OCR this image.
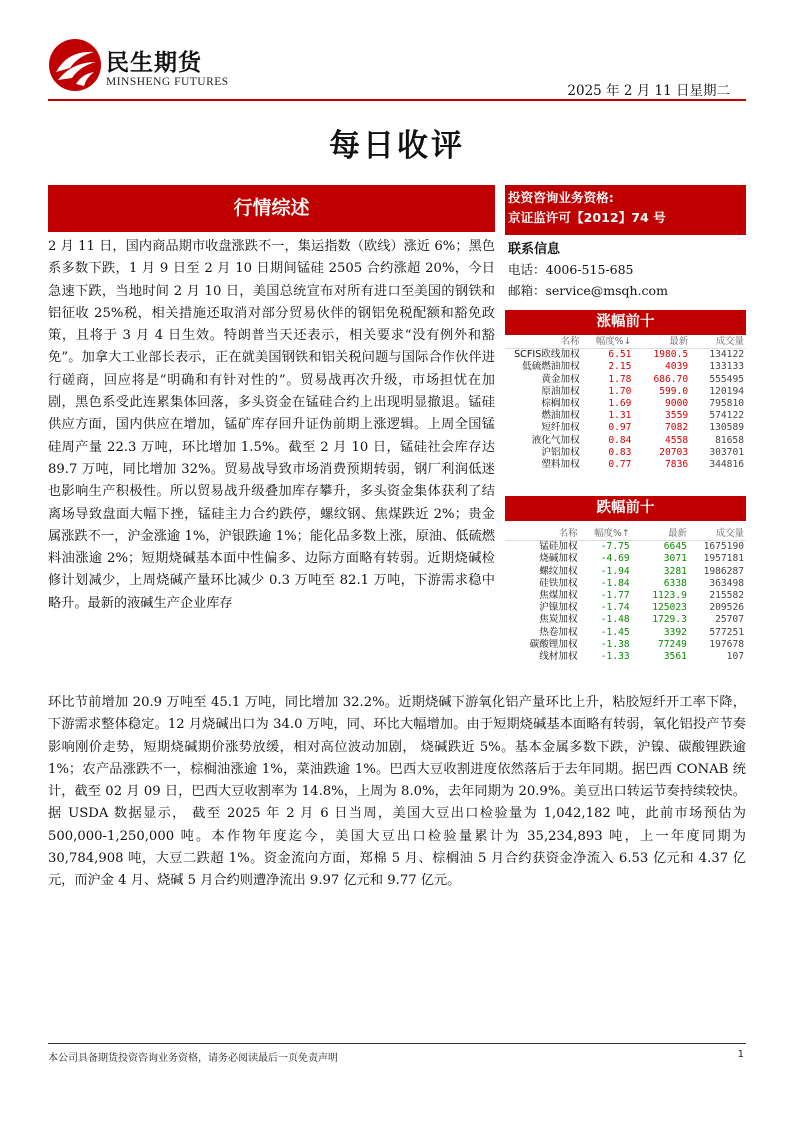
民生期货
MINSHENG FUTURES
2025 年 2 月 11 日星期二
每日收评
行情综述
2 月 11 日，国内商品期市收盘涨跌不一，集运指数（欧线）涨近 6%；黑色系多数下跌，1 月 9 日至 2 月 10 日期间锰硅 2505 合约涨超 20%，今日急速下跌，当地时间 2 月 10 日，美国总统宣布对所有进口至美国的钢铁和铝征收 25%税，相关措施还取消对部分贸易伙伴的钢铝免税配额和豁免政策，且将于 3 月 4 日生效。特朗普当天还表示，相关要求“没有例外和豁免”。加拿大工业部长表示，正在就美国钢铁和铝关税问题与国际合作伙伴进行磋商，回应将是“明确和有针对性的”。贸易战再次升级，市场担忧在加剧，黑色系受此连累集体回落，多头资金在锰硅合约上出现明显撤退。锰硅供应方面，国内供应在增加，锰矿库存回升证伪前期上涨逻辑。上周全国锰硅周产量 22.3 万吨，环比增加 1.5%。截至 2 月 10 日，锰硅社会库存达 89.7 万吨，同比增加 32%。贸易战导致市场消费预期转弱，钢厂利润低迷也影响生产积极性。所以贸易战升级叠加库存攀升，多头资金集体获利了结离场导致盘面大幅下挫，锰硅主力合约跌停，螺纹钢、焦煤跌近 2%；贵金属涨跌不一，沪金涨逾 1%，沪银跌逾 1%；能化品多数上涨，原油、低硫燃料油涨逾 2%；短期烧碱基本面中性偏多、边际方面略有转弱。近期烧碱检修计划减少，上周烧碱产量环比减少 0.3 万吨至 82.1 万吨，下游需求稳中略升。最新的液碱生产企业库存
环比节前增加 20.9 万吨至 45.1 万吨，同比增加 32.2%。近期烧碱下游氧化铝产量环比上升，粘胶短纤开工率下降，下游需求整体稳定。12 月烧碱出口为 34.0 万吨，同、环比大幅增加。由于短期烧碱基本面略有转弱，氧化铝投产节奏影响刚价走势，短期烧碱期价涨势放缓，相对高位波动加剧， 烧碱跌近 5%。基本金属多数下跌，沪镍、碳酸锂跌逾 1%；农产品涨跌不一，棕榈油涨逾 1%，菜油跌逾 1%。巴西大豆收割进度依然落后于去年同期。据巴西 CONAB 统计，截至 02 月 09 日，巴西大豆收割率为 14.8%，上周为 8.0%，去年同期为 20.9%。美豆出口转运节奏持续较快。据 USDA 数据显示， 截至 2025 年 2 月 6 日当周，美国大豆出口检验量为 1,042,182 吨，此前市场预估为 500,000-1,250,000 吨。本作物年度迄今，美国大豆出口检验量累计为 35,234,893 吨，上一年度同期为 30,784,908 吨，大豆二跌超 1%。资金流向方面，郑棉 5 月、棕榈油 5 月合约获资金净流入 6.53 亿元和 4.37 亿元，而沪金 4 月、烧碱 5 月合约则遭净流出 9.97 亿元和 9.77 亿元。
投资咨询业务资格:
京证监许可【2012】74 号
联系信息
电话：4006-515-685
邮箱：service@msqh.com
涨幅前十
名称	幅度%↓	最新	成交量
SCFIS欧线加权	6.51	1980.5	134122
低硫燃油加权	2.15	4039	133133
黄金加权	1.78	686.70	555495
原油加权	1.70	599.0	120194
棕榈加权	1.69	9000	795810
燃油加权	1.31	3559	574122
短纤加权	0.97	7082	130589
液化气加权	0.84	4558	81658
沪铝加权	0.83	20703	303701
塑料加权	0.77	7836	344816
跌幅前十
名称	幅度%↑	最新	成交量
锰硅加权	-7.75	6645	1675190
烧碱加权	-4.69	3071	1957181
螺纹加权	-1.94	3281	1986287
硅铁加权	-1.84	6338	363498
焦煤加权	-1.77	1123.9	215582
沪镍加权	-1.74	125023	209526
焦炭加权	-1.48	1729.3	25707
热卷加权	-1.45	3392	577251
碳酸锂加权	-1.38	77249	197678
线材加权	-1.33	3561	107
本公司具备期货投资咨询业务资格，请务必阅读最后一页免责声明	1
